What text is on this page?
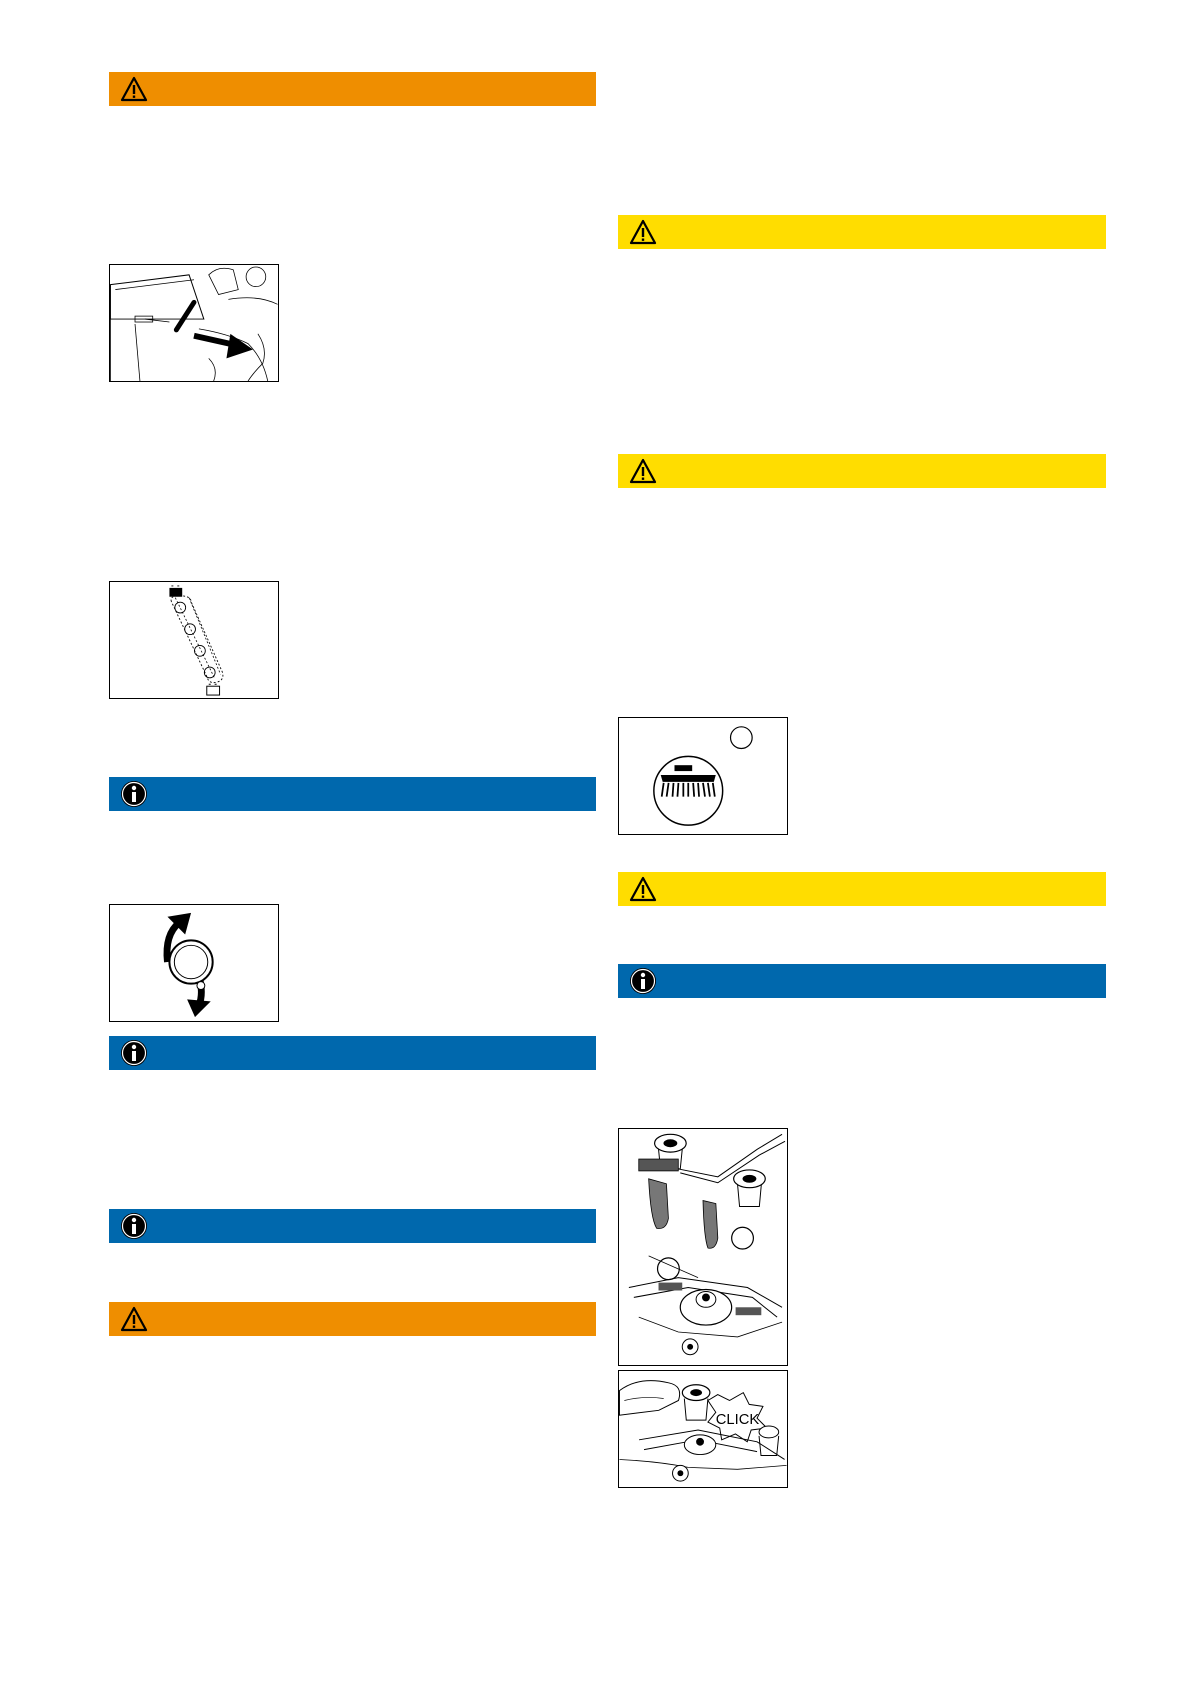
CLICK
